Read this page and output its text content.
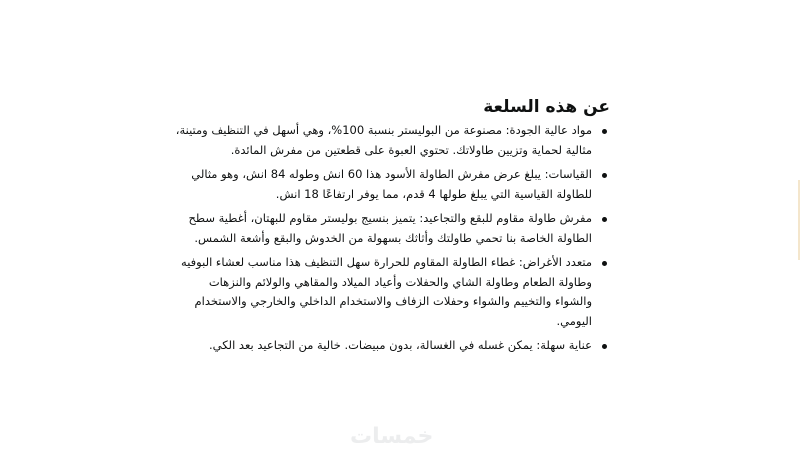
عن هذه السلعة
مواد عالية الجودة: مصنوعة من البوليستر بنسبة 100%، وهي أسهل في التنظيف ومتينة، مثالية لحماية وتزيين طاولاتك. تحتوي العبوة على قطعتين من مفرش المائدة.
القياسات: يبلغ عرض مفرش الطاولة الأسود هذا 60 انش وطوله 84 انش، وهو مثالي للطاولة القياسية التي يبلغ طولها 4 قدم، مما يوفر ارتفاعًا 18 انش.
مفرش طاولة مقاوم للبقع والتجاعيد: يتميز بنسيج بوليستر مقاوم للبهتان، أغطية سطح الطاولة الخاصة بنا تحمي طاولتك وأثاثك بسهولة من الخدوش والبقع وأشعة الشمس.
متعدد الأغراض: غطاء الطاولة المقاوم للحرارة سهل التنظيف هذا مناسب لعشاء البوفيه وطاولة الطعام وطاولة الشاي والحفلات وأعياد الميلاد والمقاهي والولائم والنزهات والشواء والتخييم والشواء وحفلات الزفاف والاستخدام الداخلي والخارجي والاستخدام اليومي.
عناية سهلة: يمكن غسله في الغسالة، بدون مبيضات. خالية من التجاعيد بعد الكي.
خمسات
